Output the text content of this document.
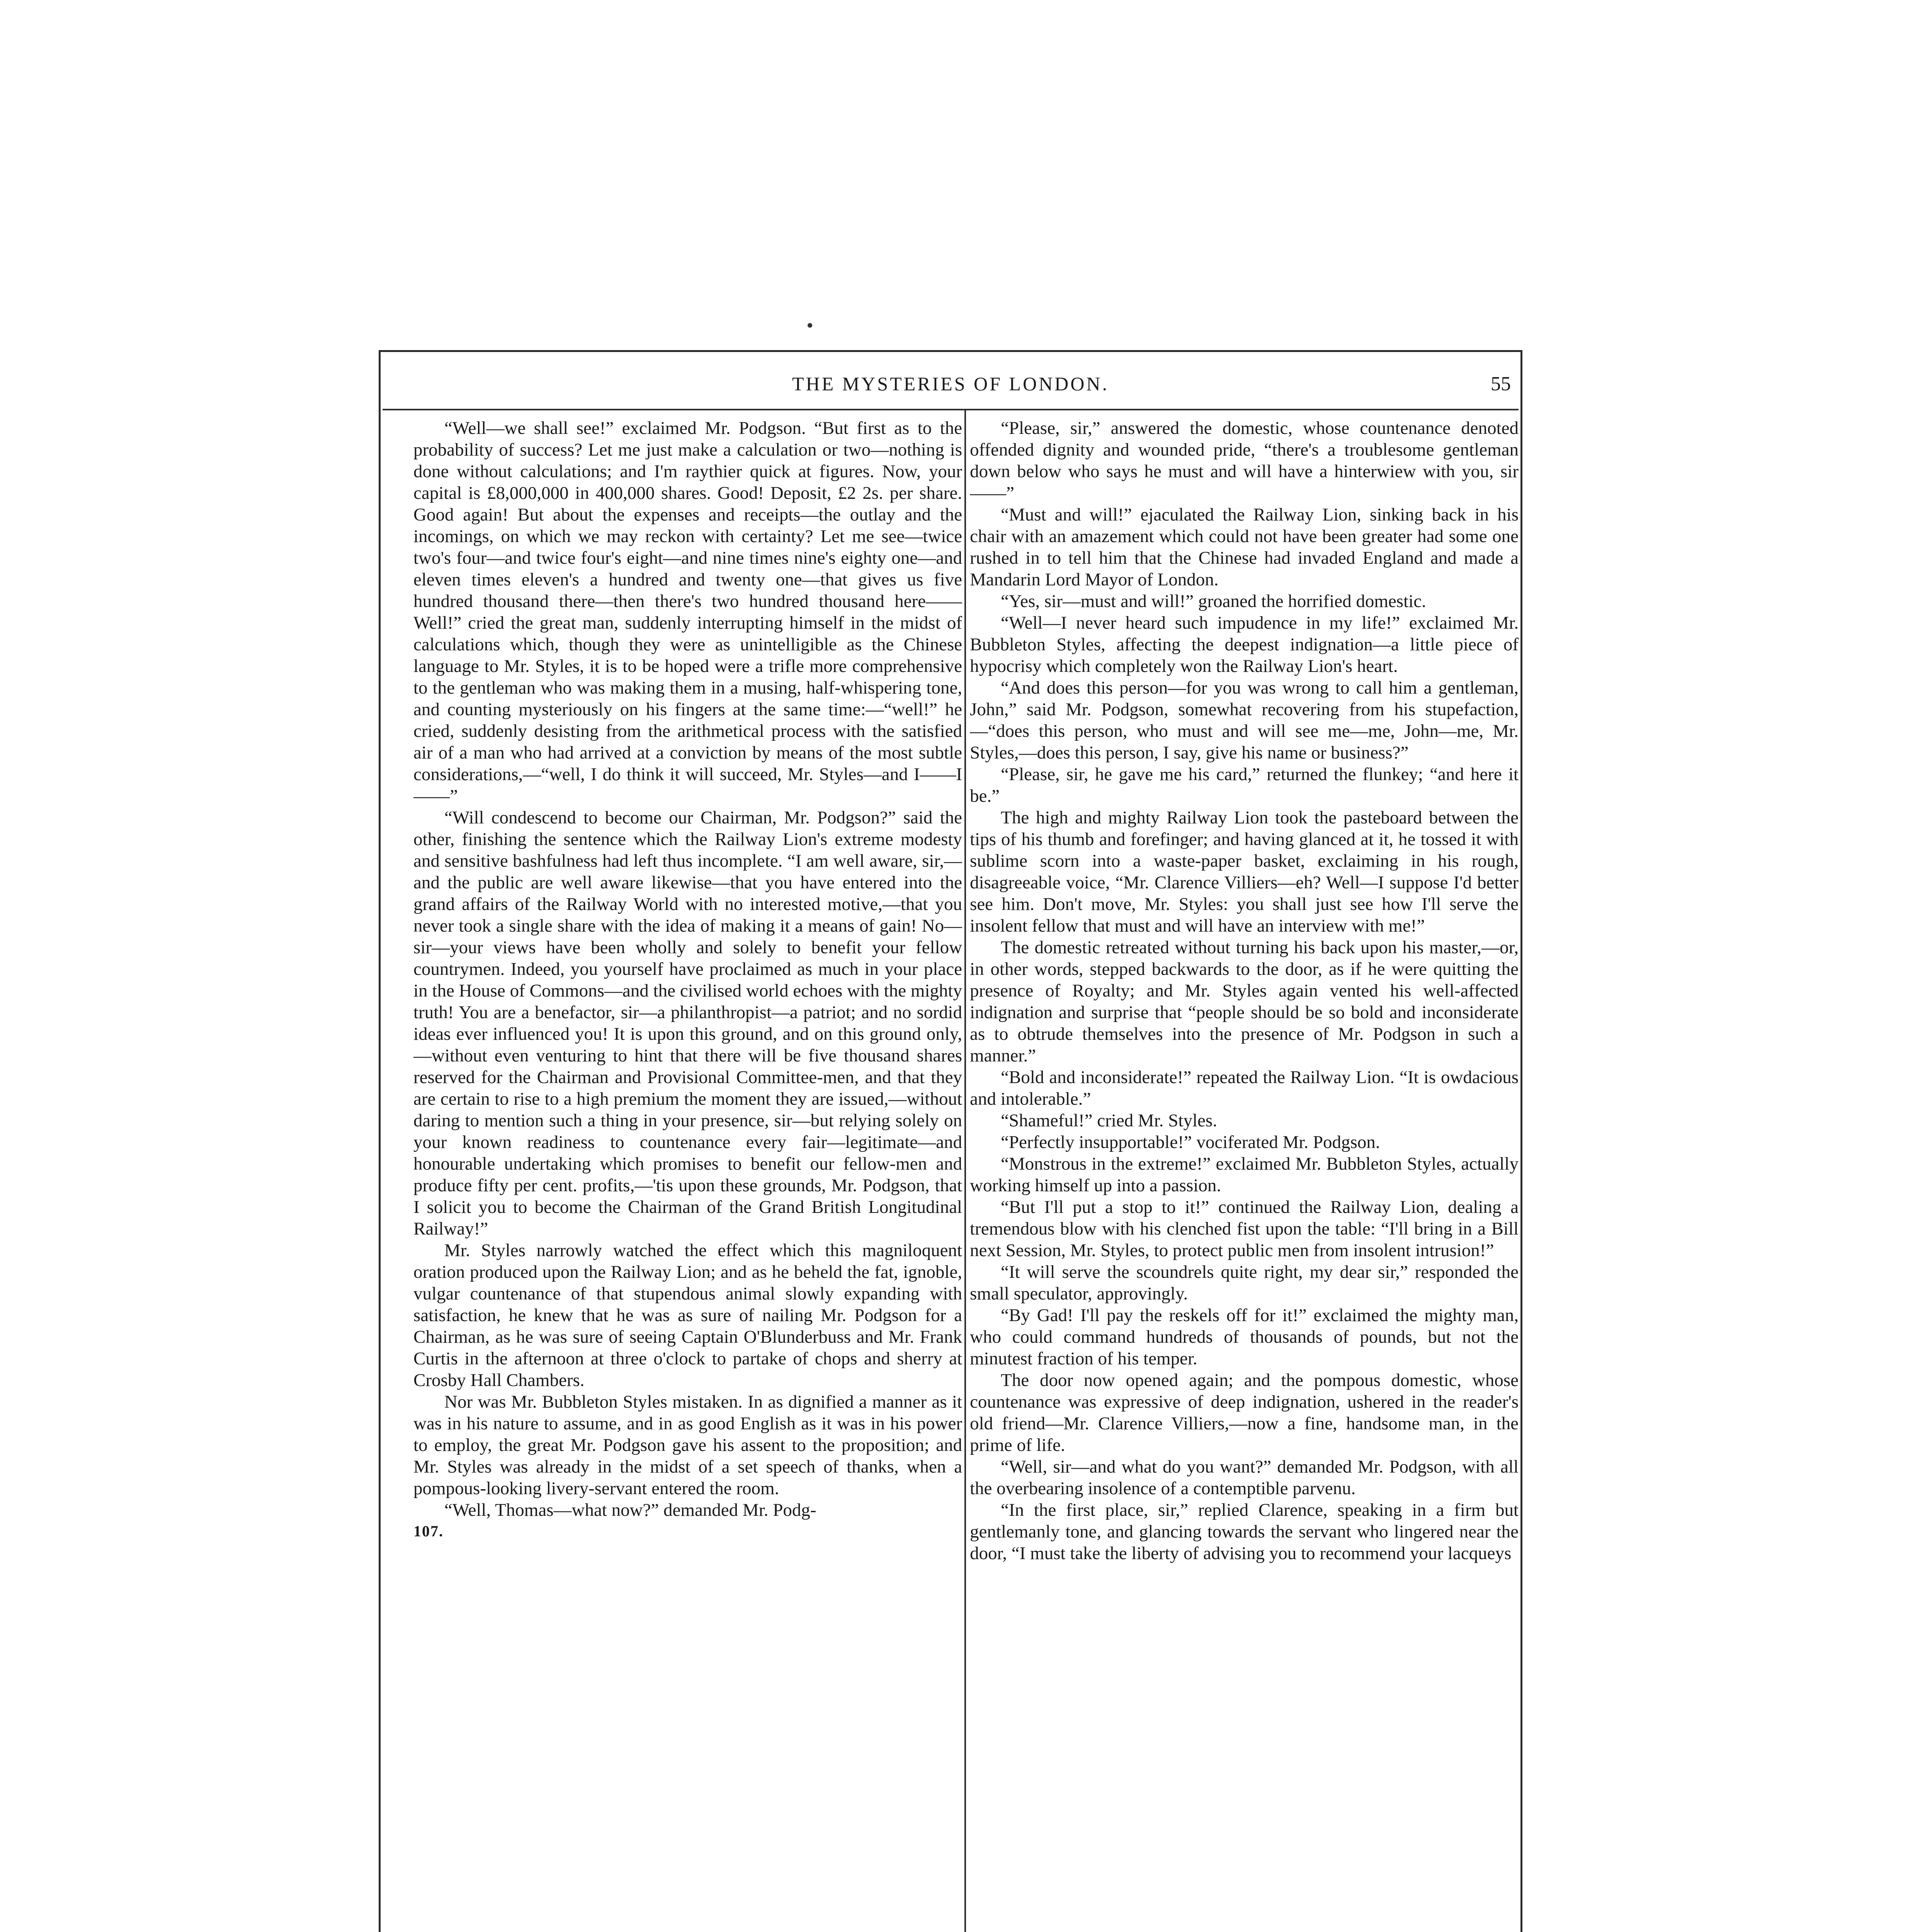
THE MYSTERIES OF LONDON.	55

“Well—we shall see!” exclaimed Mr. Podgson. “But first as to the probability of success? Let me just make a calculation or two—nothing is done without calculations; and I'm raythier quick at figures. Now, your capital is £8,000,000 in 400,000 shares. Good! Deposit, £2 2s. per share. Good again! But about the expenses and receipts—the outlay and the incomings, on which we may reckon with certainty? Let me see—twice two's four—and twice four's eight—and nine times nine's eighty one—and eleven times eleven's a hundred and twenty one—that gives us five hundred thousand there—then there's two hundred thousand here——Well!” cried the great man, suddenly interrupting himself in the midst of calculations which, though they were as unintelligible as the Chinese language to Mr. Styles, it is to be hoped were a trifle more comprehensive to the gentleman who was making them in a musing, half-whispering tone, and counting mysteriously on his fingers at the same time:—“well!” he cried, suddenly desisting from the arithmetical process with the satisfied air of a man who had arrived at a conviction by means of the most subtle considerations,—“well, I do think it will succeed, Mr. Styles—and I——I ——”

“Will condescend to become our Chairman, Mr. Podgson?” said the other, finishing the sentence which the Railway Lion's extreme modesty and sensitive bashfulness had left thus incomplete. “I am well aware, sir,—and the public are well aware likewise—that you have entered into the grand affairs of the Railway World with no interested motive,—that you never took a single share with the idea of making it a means of gain! No—sir—your views have been wholly and solely to benefit your fellow countrymen. Indeed, you yourself have proclaimed as much in your place in the House of Commons—and the civilised world echoes with the mighty truth! You are a benefactor, sir—a philanthropist—a patriot; and no sordid ideas ever influenced you! It is upon this ground, and on this ground only,—without even venturing to hint that there will be five thousand shares reserved for the Chairman and Provisional Committee-men, and that they are certain to rise to a high premium the moment they are issued,—without daring to mention such a thing in your presence, sir—but relying solely on your known readiness to countenance every fair—legitimate—and honourable undertaking which promises to benefit our fellow-men and produce fifty per cent. profits,—'tis upon these grounds, Mr. Podgson, that I solicit you to become the Chairman of the Grand British Longitudinal Railway!”

Mr. Styles narrowly watched the effect which this magniloquent oration produced upon the Railway Lion; and as he beheld the fat, ignoble, vulgar countenance of that stupendous animal slowly expanding with satisfaction, he knew that he was as sure of nailing Mr. Podgson for a Chairman, as he was sure of seeing Captain O'Blunderbuss and Mr. Frank Curtis in the afternoon at three o'clock to partake of chops and sherry at Crosby Hall Chambers.

Nor was Mr. Bubbleton Styles mistaken. In as dignified a manner as it was in his nature to assume, and in as good English as it was in his power to employ, the great Mr. Podgson gave his assent to the proposition; and Mr. Styles was already in the midst of a set speech of thanks, when a pompous-looking livery-servant entered the room.

“Well, Thomas—what now?” demanded Mr. Podg-

107.

“Please, sir,” answered the domestic, whose countenance denoted offended dignity and wounded pride, “there's a troublesome gentleman down below who says he must and will have a hinterwiew with you, sir——”

“Must and will!” ejaculated the Railway Lion, sinking back in his chair with an amazement which could not have been greater had some one rushed in to tell him that the Chinese had invaded England and made a Mandarin Lord Mayor of London.

“Yes, sir—must and will!” groaned the horrified domestic.

“Well—I never heard such impudence in my life!” exclaimed Mr. Bubbleton Styles, affecting the deepest indignation—a little piece of hypocrisy which completely won the Railway Lion's heart.

“And does this person—for you was wrong to call him a gentleman, John,” said Mr. Podgson, somewhat recovering from his stupefaction,—“does this person, who must and will see me—me, John—me, Mr. Styles,—does this person, I say, give his name or business?”

“Please, sir, he gave me his card,” returned the flunkey; “and here it be.”

The high and mighty Railway Lion took the pasteboard between the tips of his thumb and forefinger; and having glanced at it, he tossed it with sublime scorn into a waste-paper basket, exclaiming in his rough, disagreeable voice, “Mr. Clarence Villiers—eh? Well—I suppose I'd better see him. Don't move, Mr. Styles: you shall just see how I'll serve the insolent fellow that must and will have an interview with me!”

The domestic retreated without turning his back upon his master,—or, in other words, stepped backwards to the door, as if he were quitting the presence of Royalty; and Mr. Styles again vented his well-affected indignation and surprise that “people should be so bold and inconsiderate as to obtrude themselves into the presence of Mr. Podgson in such a manner.”

“Bold and inconsiderate!” repeated the Railway Lion. “It is owdacious and intolerable.”

“Shameful!” cried Mr. Styles.

“Perfectly insupportable!” vociferated Mr. Podgson.

“Monstrous in the extreme!” exclaimed Mr. Bubbleton Styles, actually working himself up into a passion.

“But I'll put a stop to it!” continued the Railway Lion, dealing a tremendous blow with his clenched fist upon the table: “I'll bring in a Bill next Session, Mr. Styles, to protect public men from insolent intrusion!”

“It will serve the scoundrels quite right, my dear sir,” responded the small speculator, approvingly.

“By Gad! I'll pay the reskels off for it!” exclaimed the mighty man, who could command hundreds of thousands of pounds, but not the minutest fraction of his temper.

The door now opened again; and the pompous domestic, whose countenance was expressive of deep indignation, ushered in the reader's old friend—Mr. Clarence Villiers,—now a fine, handsome man, in the prime of life.

“Well, sir—and what do you want?” demanded Mr. Podgson, with all the overbearing insolence of a contemptible parvenu.

“In the first place, sir,” replied Clarence, speaking in a firm but gentlemanly tone, and glancing towards the servant who lingered near the door, “I must take the liberty of advising you to recommend your lacqueys
